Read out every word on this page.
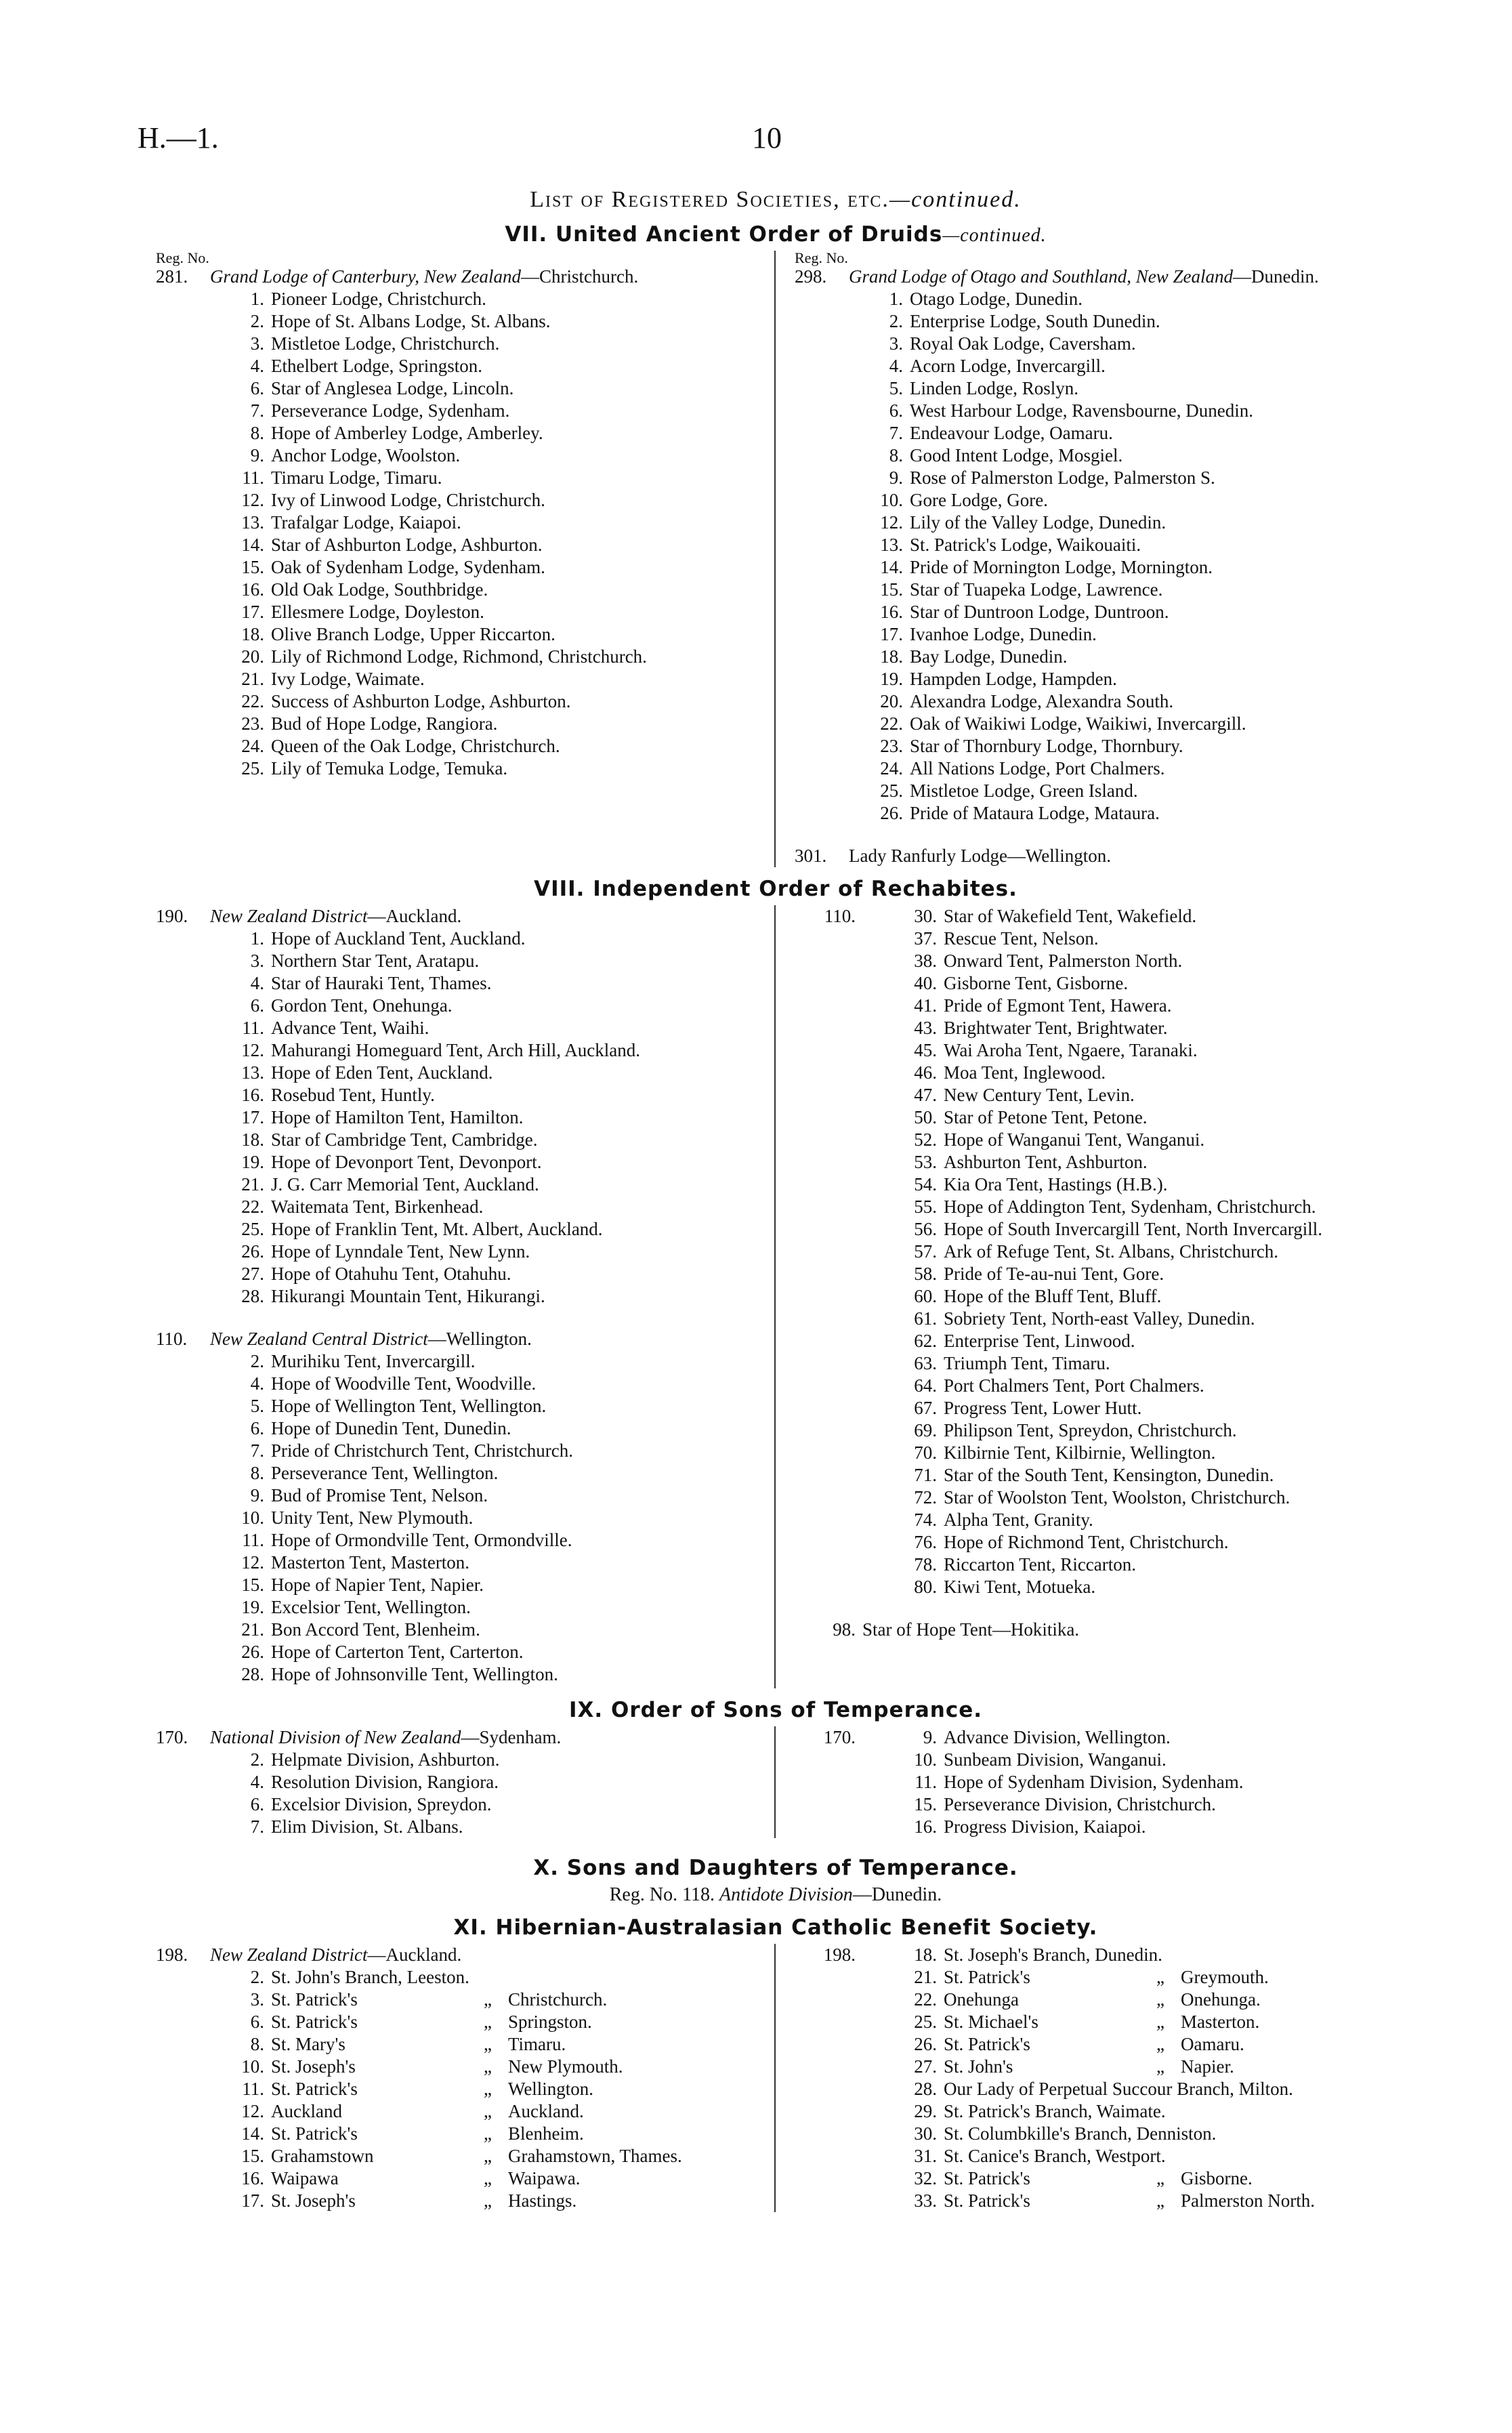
H.—1.	10
List of Registered Societies, etc.—continued.
VII. United Ancient Order of Druids—continued.
Reg. No.
281.	Grand Lodge of Canterbury, New Zealand—Christchurch.
1. Pioneer Lodge, Christchurch.
2. Hope of St. Albans Lodge, St. Albans.
3. Mistletoe Lodge, Christchurch.
4. Ethelbert Lodge, Springston.
6. Star of Anglesea Lodge, Lincoln.
7. Perseverance Lodge, Sydenham.
8. Hope of Amberley Lodge, Amberley.
9. Anchor Lodge, Woolston.
11. Timaru Lodge, Timaru.
12. Ivy of Linwood Lodge, Christchurch.
13. Trafalgar Lodge, Kaiapoi.
14. Star of Ashburton Lodge, Ashburton.
15. Oak of Sydenham Lodge, Sydenham.
16. Old Oak Lodge, Southbridge.
17. Ellesmere Lodge, Doyleston.
18. Olive Branch Lodge, Upper Riccarton.
20. Lily of Richmond Lodge, Richmond, Christchurch.
21. Ivy Lodge, Waimate.
22. Success of Ashburton Lodge, Ashburton.
23. Bud of Hope Lodge, Rangiora.
24. Queen of the Oak Lodge, Christchurch.
25. Lily of Temuka Lodge, Temuka.
Reg. No.
298.	Grand Lodge of Otago and Southland, New Zealand—Dunedin.
1. Otago Lodge, Dunedin.
2. Enterprise Lodge, South Dunedin.
3. Royal Oak Lodge, Caversham.
4. Acorn Lodge, Invercargill.
5. Linden Lodge, Roslyn.
6. West Harbour Lodge, Ravensbourne, Dunedin.
7. Endeavour Lodge, Oamaru.
8. Good Intent Lodge, Mosgiel.
9. Rose of Palmerston Lodge, Palmerston S.
10. Gore Lodge, Gore.
12. Lily of the Valley Lodge, Dunedin.
13. St. Patrick's Lodge, Waikouaiti.
14. Pride of Mornington Lodge, Mornington.
15. Star of Tuapeka Lodge, Lawrence.
16. Star of Duntroon Lodge, Duntroon.
17. Ivanhoe Lodge, Dunedin.
18. Bay Lodge, Dunedin.
19. Hampden Lodge, Hampden.
20. Alexandra Lodge, Alexandra South.
22. Oak of Waikiwi Lodge, Waikiwi, Invercargill.
23. Star of Thornbury Lodge, Thornbury.
24. All Nations Lodge, Port Chalmers.
25. Mistletoe Lodge, Green Island.
26. Pride of Mataura Lodge, Mataura.
301.	Lady Ranfurly Lodge—Wellington.
VIII. Independent Order of Rechabites.
190.	New Zealand District—Auckland.
1. Hope of Auckland Tent, Auckland.
3. Northern Star Tent, Aratapu.
4. Star of Hauraki Tent, Thames.
6. Gordon Tent, Onehunga.
11. Advance Tent, Waihi.
12. Mahurangi Homeguard Tent, Arch Hill, Auckland.
13. Hope of Eden Tent, Auckland.
16. Rosebud Tent, Huntly.
17. Hope of Hamilton Tent, Hamilton.
18. Star of Cambridge Tent, Cambridge.
19. Hope of Devonport Tent, Devonport.
21. J. G. Carr Memorial Tent, Auckland.
22. Waitemata Tent, Birkenhead.
25. Hope of Franklin Tent, Mt. Albert, Auckland.
26. Hope of Lynndale Tent, New Lynn.
27. Hope of Otahuhu Tent, Otahuhu.
28. Hikurangi Mountain Tent, Hikurangi.
110.	New Zealand Central District—Wellington.
2. Murihiku Tent, Invercargill.
4. Hope of Woodville Tent, Woodville.
5. Hope of Wellington Tent, Wellington.
6. Hope of Dunedin Tent, Dunedin.
7. Pride of Christchurch Tent, Christchurch.
8. Perseverance Tent, Wellington.
9. Bud of Promise Tent, Nelson.
10. Unity Tent, New Plymouth.
11. Hope of Ormondville Tent, Ormondville.
12. Masterton Tent, Masterton.
15. Hope of Napier Tent, Napier.
19. Excelsior Tent, Wellington.
21. Bon Accord Tent, Blenheim.
26. Hope of Carterton Tent, Carterton.
28. Hope of Johnsonville Tent, Wellington.
110.	30. Star of Wakefield Tent, Wakefield.
37. Rescue Tent, Nelson.
38. Onward Tent, Palmerston North.
40. Gisborne Tent, Gisborne.
41. Pride of Egmont Tent, Hawera.
43. Brightwater Tent, Brightwater.
45. Wai Aroha Tent, Ngaere, Taranaki.
46. Moa Tent, Inglewood.
47. New Century Tent, Levin.
50. Star of Petone Tent, Petone.
52. Hope of Wanganui Tent, Wanganui.
53. Ashburton Tent, Ashburton.
54. Kia Ora Tent, Hastings (H.B.).
55. Hope of Addington Tent, Sydenham, Christchurch.
56. Hope of South Invercargill Tent, North Invercargill.
57. Ark of Refuge Tent, St. Albans, Christchurch.
58. Pride of Te-au-nui Tent, Gore.
60. Hope of the Bluff Tent, Bluff.
61. Sobriety Tent, North-east Valley, Dunedin.
62. Enterprise Tent, Linwood.
63. Triumph Tent, Timaru.
64. Port Chalmers Tent, Port Chalmers.
67. Progress Tent, Lower Hutt.
69. Philipson Tent, Spreydon, Christchurch.
70. Kilbirnie Tent, Kilbirnie, Wellington.
71. Star of the South Tent, Kensington, Dunedin.
72. Star of Woolston Tent, Woolston, Christchurch.
74. Alpha Tent, Granity.
76. Hope of Richmond Tent, Christchurch.
78. Riccarton Tent, Riccarton.
80. Kiwi Tent, Motueka.
98. Star of Hope Tent—Hokitika.
IX. Order of Sons of Temperance.
170.	National Division of New Zealand—Sydenham.
2. Helpmate Division, Ashburton.
4. Resolution Division, Rangiora.
6. Excelsior Division, Spreydon.
7. Elim Division, St. Albans.
170.	9. Advance Division, Wellington.
10. Sunbeam Division, Wanganui.
11. Hope of Sydenham Division, Sydenham.
15. Perseverance Division, Christchurch.
16. Progress Division, Kaiapoi.
X. Sons and Daughters of Temperance.
Reg. No. 118. Antidote Division—Dunedin.
XI. Hibernian-Australasian Catholic Benefit Society.
198.	New Zealand District—Auckland.
2. St. John's Branch, Leeston.
3. St. Patrick's	„ Christchurch.
6. St. Patrick's	„ Springston.
8. St. Mary's	„ Timaru.
10. St. Joseph's	„ New Plymouth.
11. St. Patrick's	„ Wellington.
12. Auckland	„ Auckland.
14. St. Patrick's	„ Blenheim.
15. Grahamstown	„ Grahamstown, Thames.
16. Waipawa	„ Waipawa.
17. St. Joseph's	„ Hastings.
198.	18. St. Joseph's Branch, Dunedin.
21. St. Patrick's	„ Greymouth.
22. Onehunga	„ Onehunga.
25. St. Michael's	„ Masterton.
26. St. Patrick's	„ Oamaru.
27. St. John's	„ Napier.
28. Our Lady of Perpetual Succour Branch, Milton.
29. St. Patrick's Branch, Waimate.
30. St. Columbkille's Branch, Denniston.
31. St. Canice's Branch, Westport.
32. St. Patrick's	„ Gisborne.
33. St. Patrick's	„ Palmerston North.
